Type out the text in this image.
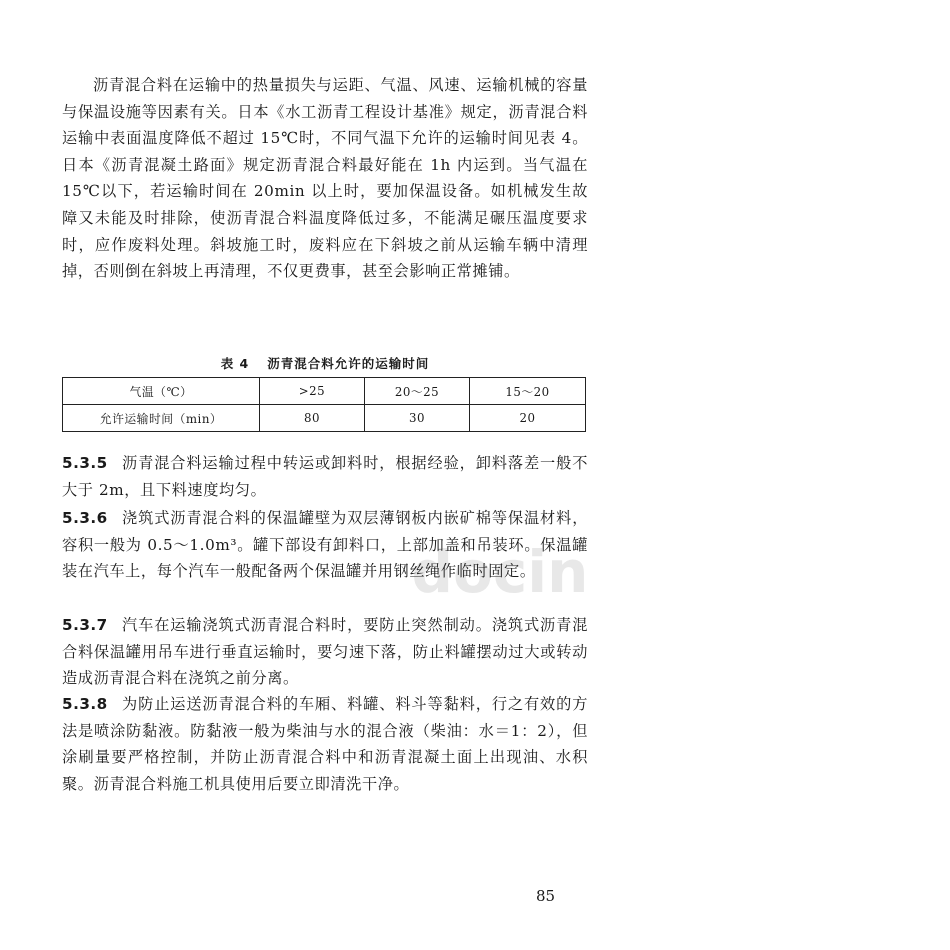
沥青混合料在运输中的热量损失与运距、气温、风速、运输机械的容量与保温设施等因素有关。日本《水工沥青工程设计基准》规定，沥青混合料运输中表面温度降低不超过 15℃时，不同气温下允许的运输时间见表 4。日本《沥青混凝土路面》规定沥青混合料最好能在 1h 内运到。当气温在 15℃以下，若运输时间在 20min 以上时，要加保温设备。如机械发生故障又未能及时排除，使沥青混合料温度降低过多，不能满足碾压温度要求时，应作废料处理。斜坡施工时，废料应在下斜坡之前从运输车辆中清理掉，否则倒在斜坡上再清理，不仅更费事，甚至会影响正常摊铺。

表 4 沥青混合料允许的运输时间
气温（℃）	>25	20～25	15～20
允许运输时间（min）	80	30	20

5.3.5 沥青混合料运输过程中转运或卸料时，根据经验，卸料落差一般不大于 2m，且下料速度均匀。

5.3.6 浇筑式沥青混合料的保温罐壁为双层薄钢板内嵌矿棉等保温材料，容积一般为 0.5～1.0m³。罐下部设有卸料口，上部加盖和吊装环。保温罐装在汽车上，每个汽车一般配备两个保温罐并用钢丝绳作临时固定。

5.3.7 汽车在运输浇筑式沥青混合料时，要防止突然制动。浇筑式沥青混合料保温罐用吊车进行垂直运输时，要匀速下落，防止料罐摆动过大或转动造成沥青混合料在浇筑之前分离。

5.3.8 为防止运送沥青混合料的车厢、料罐、料斗等黏料，行之有效的方法是喷涂防黏液。防黏液一般为柴油与水的混合液（柴油：水＝1：2），但涂刷量要严格控制，并防止沥青混合料中和沥青混凝土面上出现油、水积聚。沥青混合料施工机具使用后要立即清洗干净。

85
docin
